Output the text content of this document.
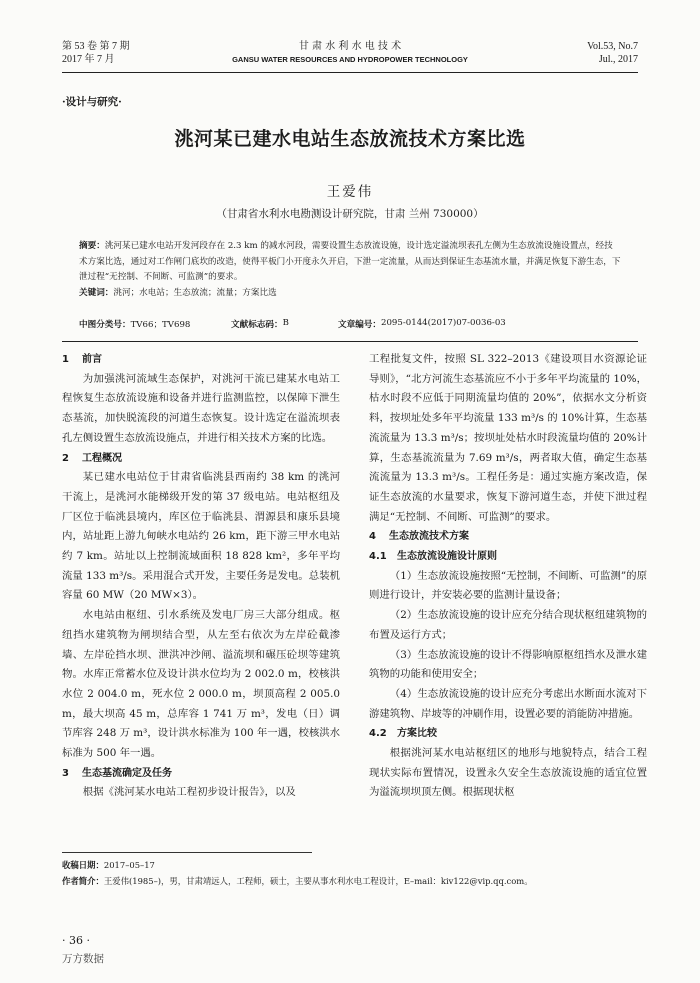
第 53 卷 第 7 期
2017 年 7 月
甘 肃 水 利 水 电 技 术
GANSU WATER RESOURCES AND HYDROPOWER TECHNOLOGY
Vol.53, No.7
Jul., 2017
·设计与研究·
洮河某已建水电站生态放流技术方案比选
王爱伟
（甘肃省水利水电勘测设计研究院，甘肃 兰州 730000）
摘要：洮河某已建水电站开发河段存在 2.3 km 的减水河段，需要设置生态放流设施，设计选定溢流坝表孔左侧为生态放流设施设置点，经技术方案比选，通过对工作闸门底坎的改造，使得平板门小开度永久开启，下泄一定流量，从而达到保证生态基流水量，并满足恢复下游生态，下泄过程“无控制、不间断、可监测”的要求。
关键词：洮河；水电站；生态放流；流量；方案比选
中图分类号： TV66；TV698	文献标志码： B	文章编号： 2095-0144(2017)07-0036-03
1 前言

为加强洮河流域生态保护，对洮河干流已建某水电站工程恢复生态放流设施和设备并进行监测监控，以保障下泄生态基流，加快脱流段的河道生态恢复。设计选定在溢流坝表孔左侧设置生态放流设施点，并进行相关技术方案的比选。

2 工程概况

某已建水电站位于甘肃省临洮县西南约 38 km 的洮河干流上，是洮河水能梯级开发的第 37 级电站。电站枢纽及厂区位于临洮县境内，库区位于临洮县、渭源县和康乐县境内，站址距上游九甸峡水电站约 26 km，距下游三甲水电站约 7 km。站址以上控制流域面积 18 828 km²，多年平均流量 133 m³/s。采用混合式开发，主要任务是发电。总装机容量 60 MW（20 MW×3）。

水电站由枢纽、引水系统及发电厂房三大部分组成。枢纽挡水建筑物为闸坝结合型，从左至右依次为左岸砼截渗墙、左岸砼挡水坝、泄洪冲沙闸、溢流坝和碾压砼坝等建筑物。水库正常蓄水位及设计洪水位均为 2 002.0 m，校核洪水位 2 004.0 m，死水位 2 000.0 m，坝顶高程 2 005.0 m，最大坝高 45 m，总库容 1 741 万 m³，发电（日）调节库容 248 万 m³，设计洪水标准为 100 年一遇，校核洪水标准为 500 年一遇。

3 生态基流确定及任务

根据《洮河某水电站工程初步设计报告》，以及

工程批复文件，按照 SL 322–2013《建设项目水资源论证导则》，“北方河流生态基流应不小于多年平均流量的 10%，枯水时段不应低于同期流量均值的 20%”，依据水文分析资料，按坝址处多年平均流量 133 m³/s 的 10%计算，生态基流流量为 13.3 m³/s；按坝址处枯水时段流量均值的 20%计算，生态基流流量为 7.69 m³/s，两者取大值，确定生态基流流量为 13.3 m³/s。工程任务是：通过实施方案改造，保证生态放流的水量要求，恢复下游河道生态，并使下泄过程满足“无控制、不间断、可监测”的要求。

4 生态放流技术方案
4.1 生态放流设施设计原则

（1）生态放流设施按照“无控制，不间断、可监测”的原则进行设计，并安装必要的监测计量设备；

（2）生态放流设施的设计应充分结合现状枢纽建筑物的布置及运行方式；

（3）生态放流设施的设计不得影响原枢纽挡水及泄水建筑物的功能和使用安全；

（4）生态放流设施的设计应充分考虑出水断面水流对下游建筑物、岸坡等的冲刷作用，设置必要的消能防冲措施。

4.2 方案比较

根据洮河某水电站枢纽区的地形与地貌特点，结合工程现状实际布置情况，设置永久安全生态放流设施的适宜位置为溢流坝坝顶左侧。根据现状枢

收稿日期：2017–05–17
作者简介：王爱伟(1985–)，男，甘肃靖远人，工程师，硕士，主要从事水利水电工程设计，E–mail：kiv122@vip.qq.com。
· 36 ·
万方数据
